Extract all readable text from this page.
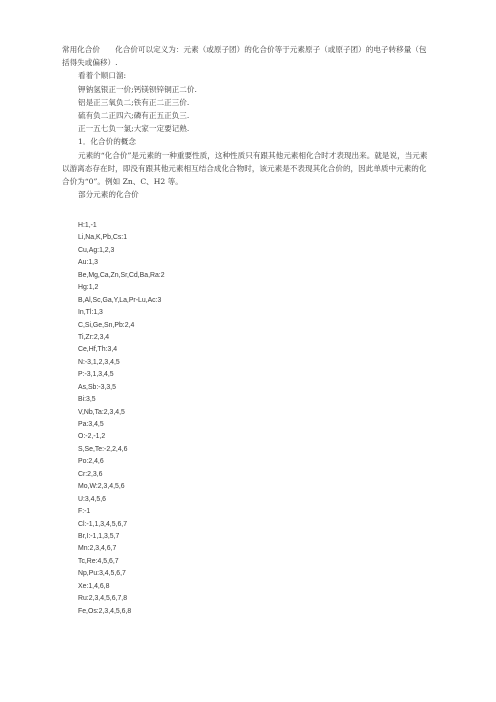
常用化合价　　化合价可以定义为：元素（或原子团）的化合价等于元素原子（或原子团）的电子转移量（包括得失或偏移）.

看着个顺口溜:

钾钠氢银正一价;钙镁钡锌铜正二价.

铝是正三氧负二;铁有正二正三价.

硫有负二正四六;磷有正五正负三.

正一五七负一氯;大家一定要记熟.

1．化合价的概念

元素的“化合价”是元素的一种重要性质，这种性质只有跟其他元素相化合时才表现出来。就是说，当元素以游离态存在时，即没有跟其他元素相互结合成化合物时，该元素是不表现其化合价的，因此单质中元素的化合价为“0”。例如 Zn、C、H2 等。

部分元素的化合价

H:1,-1
Li,Na,K,Pb,Cs:1
Cu,Ag:1,2,3
Au:1,3
Be,Mg,Ca,Zn,Sr,Cd,Ba,Ra:2
Hg:1,2
B,Al,Sc,Ga,Y,La,Pr-Lu,Ac:3
In,Tl:1,3
C,Si,Ge,Sn,Pb:2,4
Ti,Zr:2,3,4
Ce,Hf,Th:3,4
N:-3,1,2,3,4,5
P:-3,1,3,4,5
As,Sb:-3,3,5
Bi:3,5
V,Nb,Ta:2,3,4,5
Pa:3,4,5
O:-2,-1,2
S,Se,Te:-2,2,4,6
Po:2,4,6
Cr:2,3,6
Mo,W:2,3,4,5,6
U:3,4,5,6
F:-1
Cl:-1,1,3,4,5,6,7
Br,I:-1,1,3,5,7
Mn:2,3,4,6,7
Tc,Re:4,5,6,7
Np,Pu:3,4,5,6,7
Xe:1,4,6,8
Ru:2,3,4,5,6,7,8
Fe,Os:2,3,4,5,6,8
